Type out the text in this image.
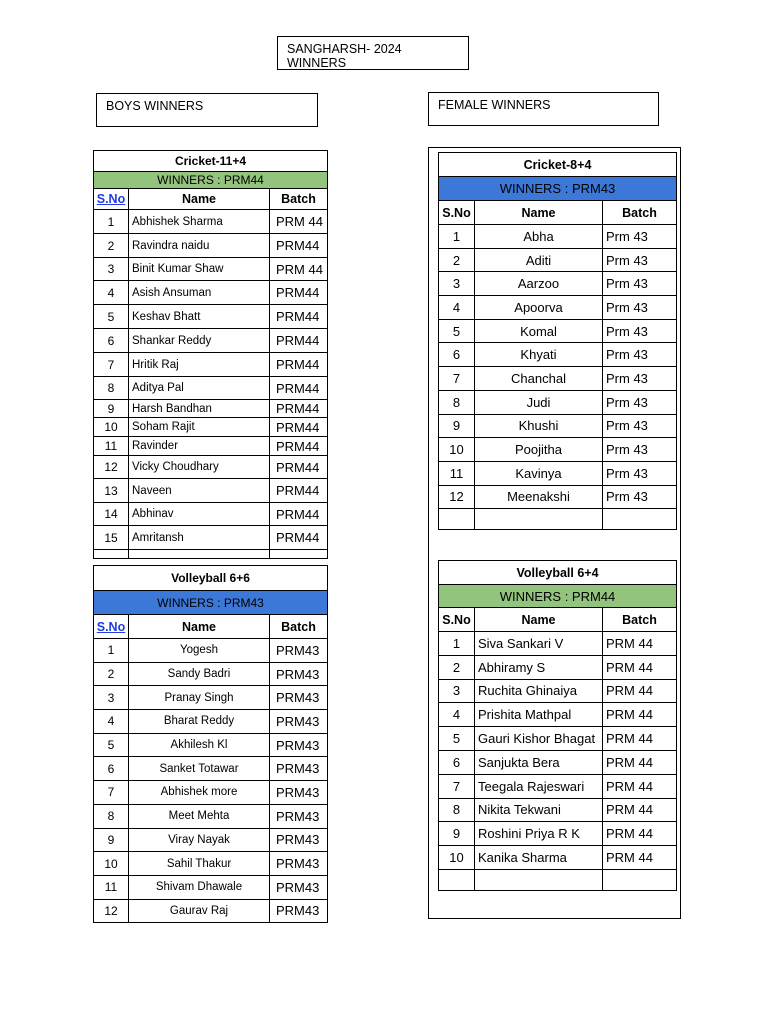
SANGHARSH- 2024 WINNERS
BOYS WINNERS	FEMALE WINNERS
Cricket-11+4		
WINNERS : PRM44		
S.No	Name	Batch
1	Abhishek Sharma	PRM 44
2	Ravindra naidu	PRM44
3	Binit Kumar Shaw	PRM 44
4	Asish Ansuman	PRM44
5	Keshav Bhatt	PRM44
6	Shankar Reddy	PRM44
7	Hritik Raj	PRM44
8	Aditya Pal	PRM44
9	Harsh Bandhan	PRM44
10	Soham Rajit	PRM44
11	Ravinder	PRM44
12	Vicky Choudhary	PRM44
13	Naveen	PRM44
14	Abhinav	PRM44
15	Amritansh	PRM44

Volleyball 6+6		
WINNERS : PRM43		
S.No	Name	Batch
1	Yogesh	PRM43
2	Sandy Badri	PRM43
3	Pranay Singh	PRM43
4	Bharat Reddy	PRM43
5	Akhilesh Kl	PRM43
6	Sanket Totawar	PRM43
7	Abhishek more	PRM43
8	Meet Mehta	PRM43
9	Viray Nayak	PRM43
10	Sahil Thakur	PRM43
11	Shivam Dhawale	PRM43
12	Gaurav Raj	PRM43
Cricket-8+4		
WINNERS : PRM43		
S.No	Name	Batch
1	Abha	Prm 43
2	Aditi	Prm 43
3	Aarzoo	Prm 43
4	Apoorva	Prm 43
5	Komal	Prm 43
6	Khyati	Prm 43
7	Chanchal	Prm 43
8	Judi	Prm 43
9	Khushi	Prm 43
10	Poojitha	Prm 43
11	Kavinya	Prm 43
12	Meenakshi	Prm 43

Volleyball 6+4		
WINNERS : PRM44		
S.No	Name	Batch
1	Siva Sankari V	PRM 44
2	Abhiramy S	PRM 44
3	Ruchita Ghinaiya	PRM 44
4	Prishita Mathpal	PRM 44
5	Gauri Kishor Bhagat	PRM 44
6	Sanjukta Bera	PRM 44
7	Teegala Rajeswari	PRM 44
8	Nikita Tekwani	PRM 44
9	Roshini Priya R K	PRM 44
10	Kanika Sharma	PRM 44
